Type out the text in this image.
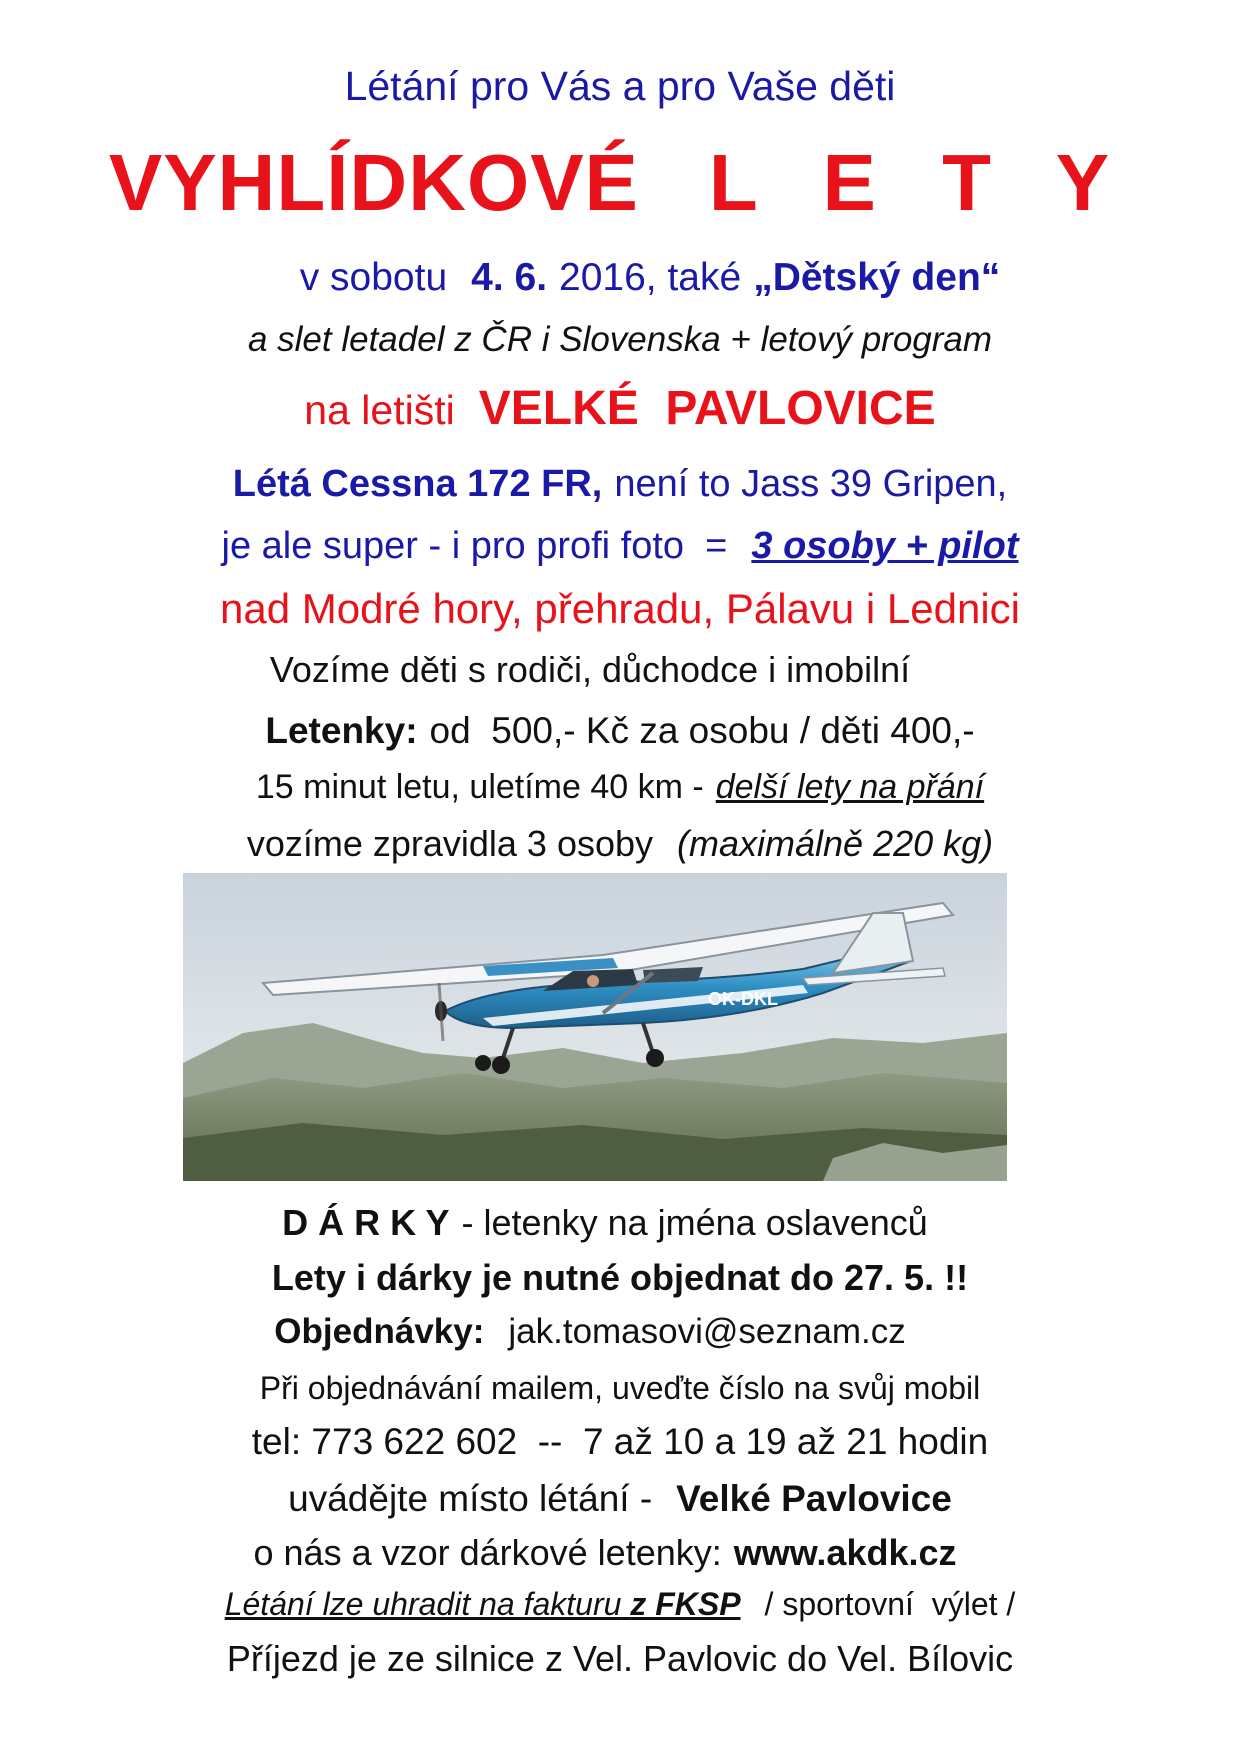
Létání pro Vás a pro Vaše děti
VYHLÍDKOVÉ L E T Y
v sobotu 4. 6. 2016, také „Dětský den“
a slet letadel z ČR i Slovenska + letový program
na letišti VELKÉ  PAVLOVICE
Létá Cessna 172 FR, není to Jass 39 Gripen,
je ale super - i pro profi foto  = 3 osoby + pilot
nad Modré hory, přehradu, Pálavu i Lednici
Vozíme děti s rodiči, důchodce i imobilní
Letenky: od  500,- Kč za osobu / děti 400,-
15 minut letu, uletíme 40 km - delší lety na přání
vozíme zpravidla 3 osoby (maximálně 220 kg)
OK-DKL
D Á R K Y - letenky na jména oslavenců
Lety i dárky je nutné objednat do 27. 5. !!
Objednávky: jak.tomasovi@seznam.cz
Při objednávání mailem, uveďte číslo na svůj mobil
tel: 773 622 602  --  7 až 10 a 19 až 21 hodin
uvádějte místo létání - Velké Pavlovice
o nás a vzor dárkové letenky: www.akdk.cz
Létání lze uhradit na fakturu z FKSP / sportovní  výlet /
Příjezd je ze silnice z Vel. Pavlovic do Vel. Bílovic
